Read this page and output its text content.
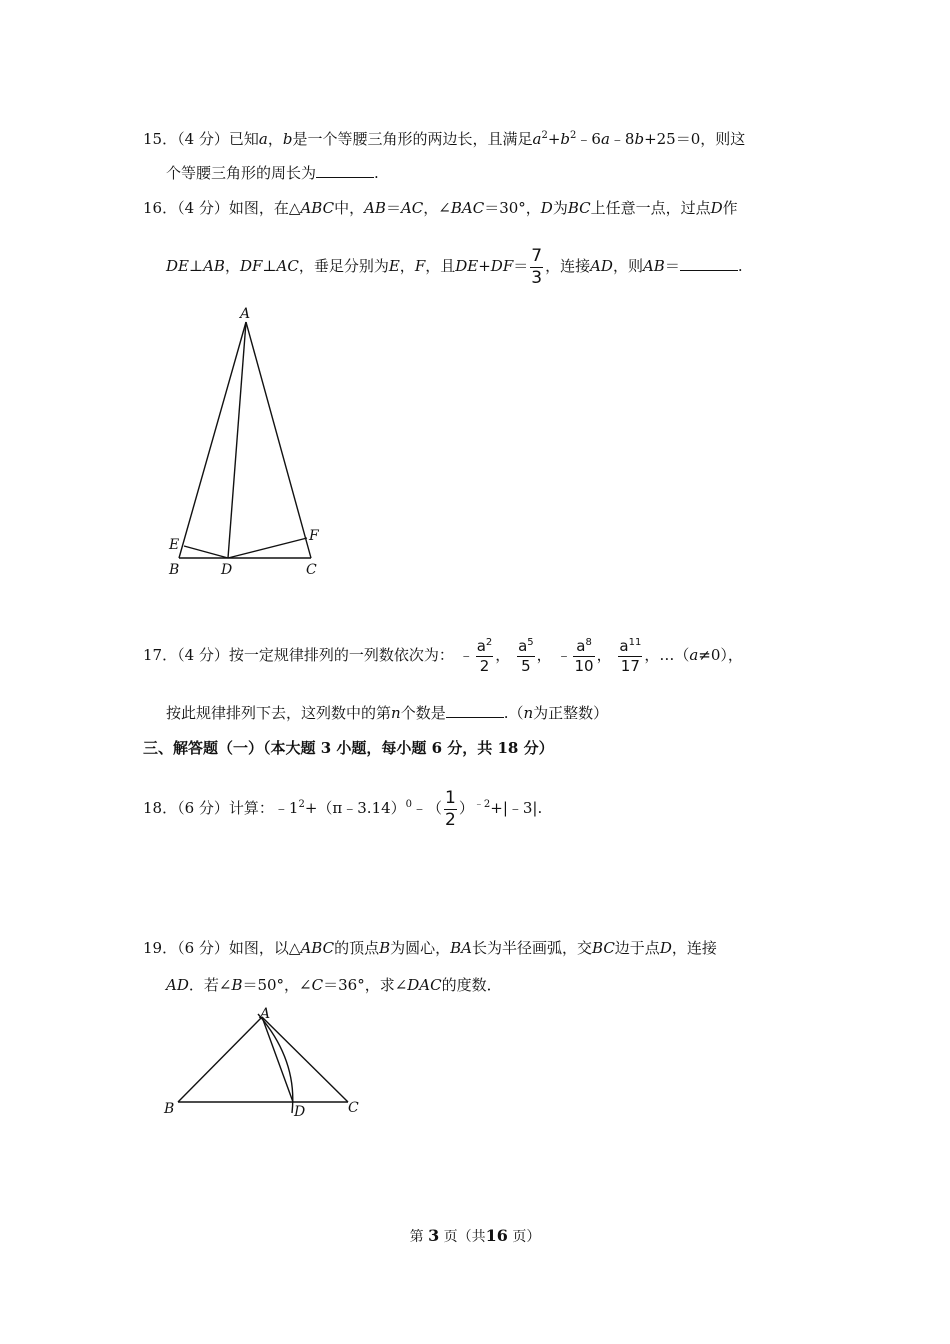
15．（4 分）已知a，b是一个等腰三角形的两边长，且满足$a^2+b^2﹣6a﹣8b+25=0$，则这
个等腰三角形的周长为	.
16．（4 分）如图，在△ABC中，AB＝AC，∠BAC＝30°，D为BC上任意一点，过点D作
DE⊥AB，DF⊥AC，垂足分别为E，F，且$DE+DF= \frac{7}{3}$ ，连接AD，则AB＝	.
A
E
F
B	D	C
17．（4 分）按一定规律排列的一列数依次为： ﹣ $\frac{a^2}{2}$ ， $\frac{a^5}{5}$ ， ﹣ $\frac{a^8}{10}$ ， $\frac{a^{11}}{17}$ ，…（a≠0），
按此规律排列下去，这列数中的第n个数是	.（n为正整数）
三、解答题（一）（本大题 3 小题，每小题 6 分，共 18 分）
18．（6 分）计算：$﹣1^2+(\pi﹣3.14)^0﹣( \frac{1}{2}$ ）$^{﹣2}$+|﹣3|.
19．（6 分）如图，以△ABC的顶点B为圆心，BA长为半径画弧，交BC边于点D，连接
AD．若∠B＝50°，∠C＝36°，求∠DAC的度数．
A
B	D	C
第 3 页（共16 页）
